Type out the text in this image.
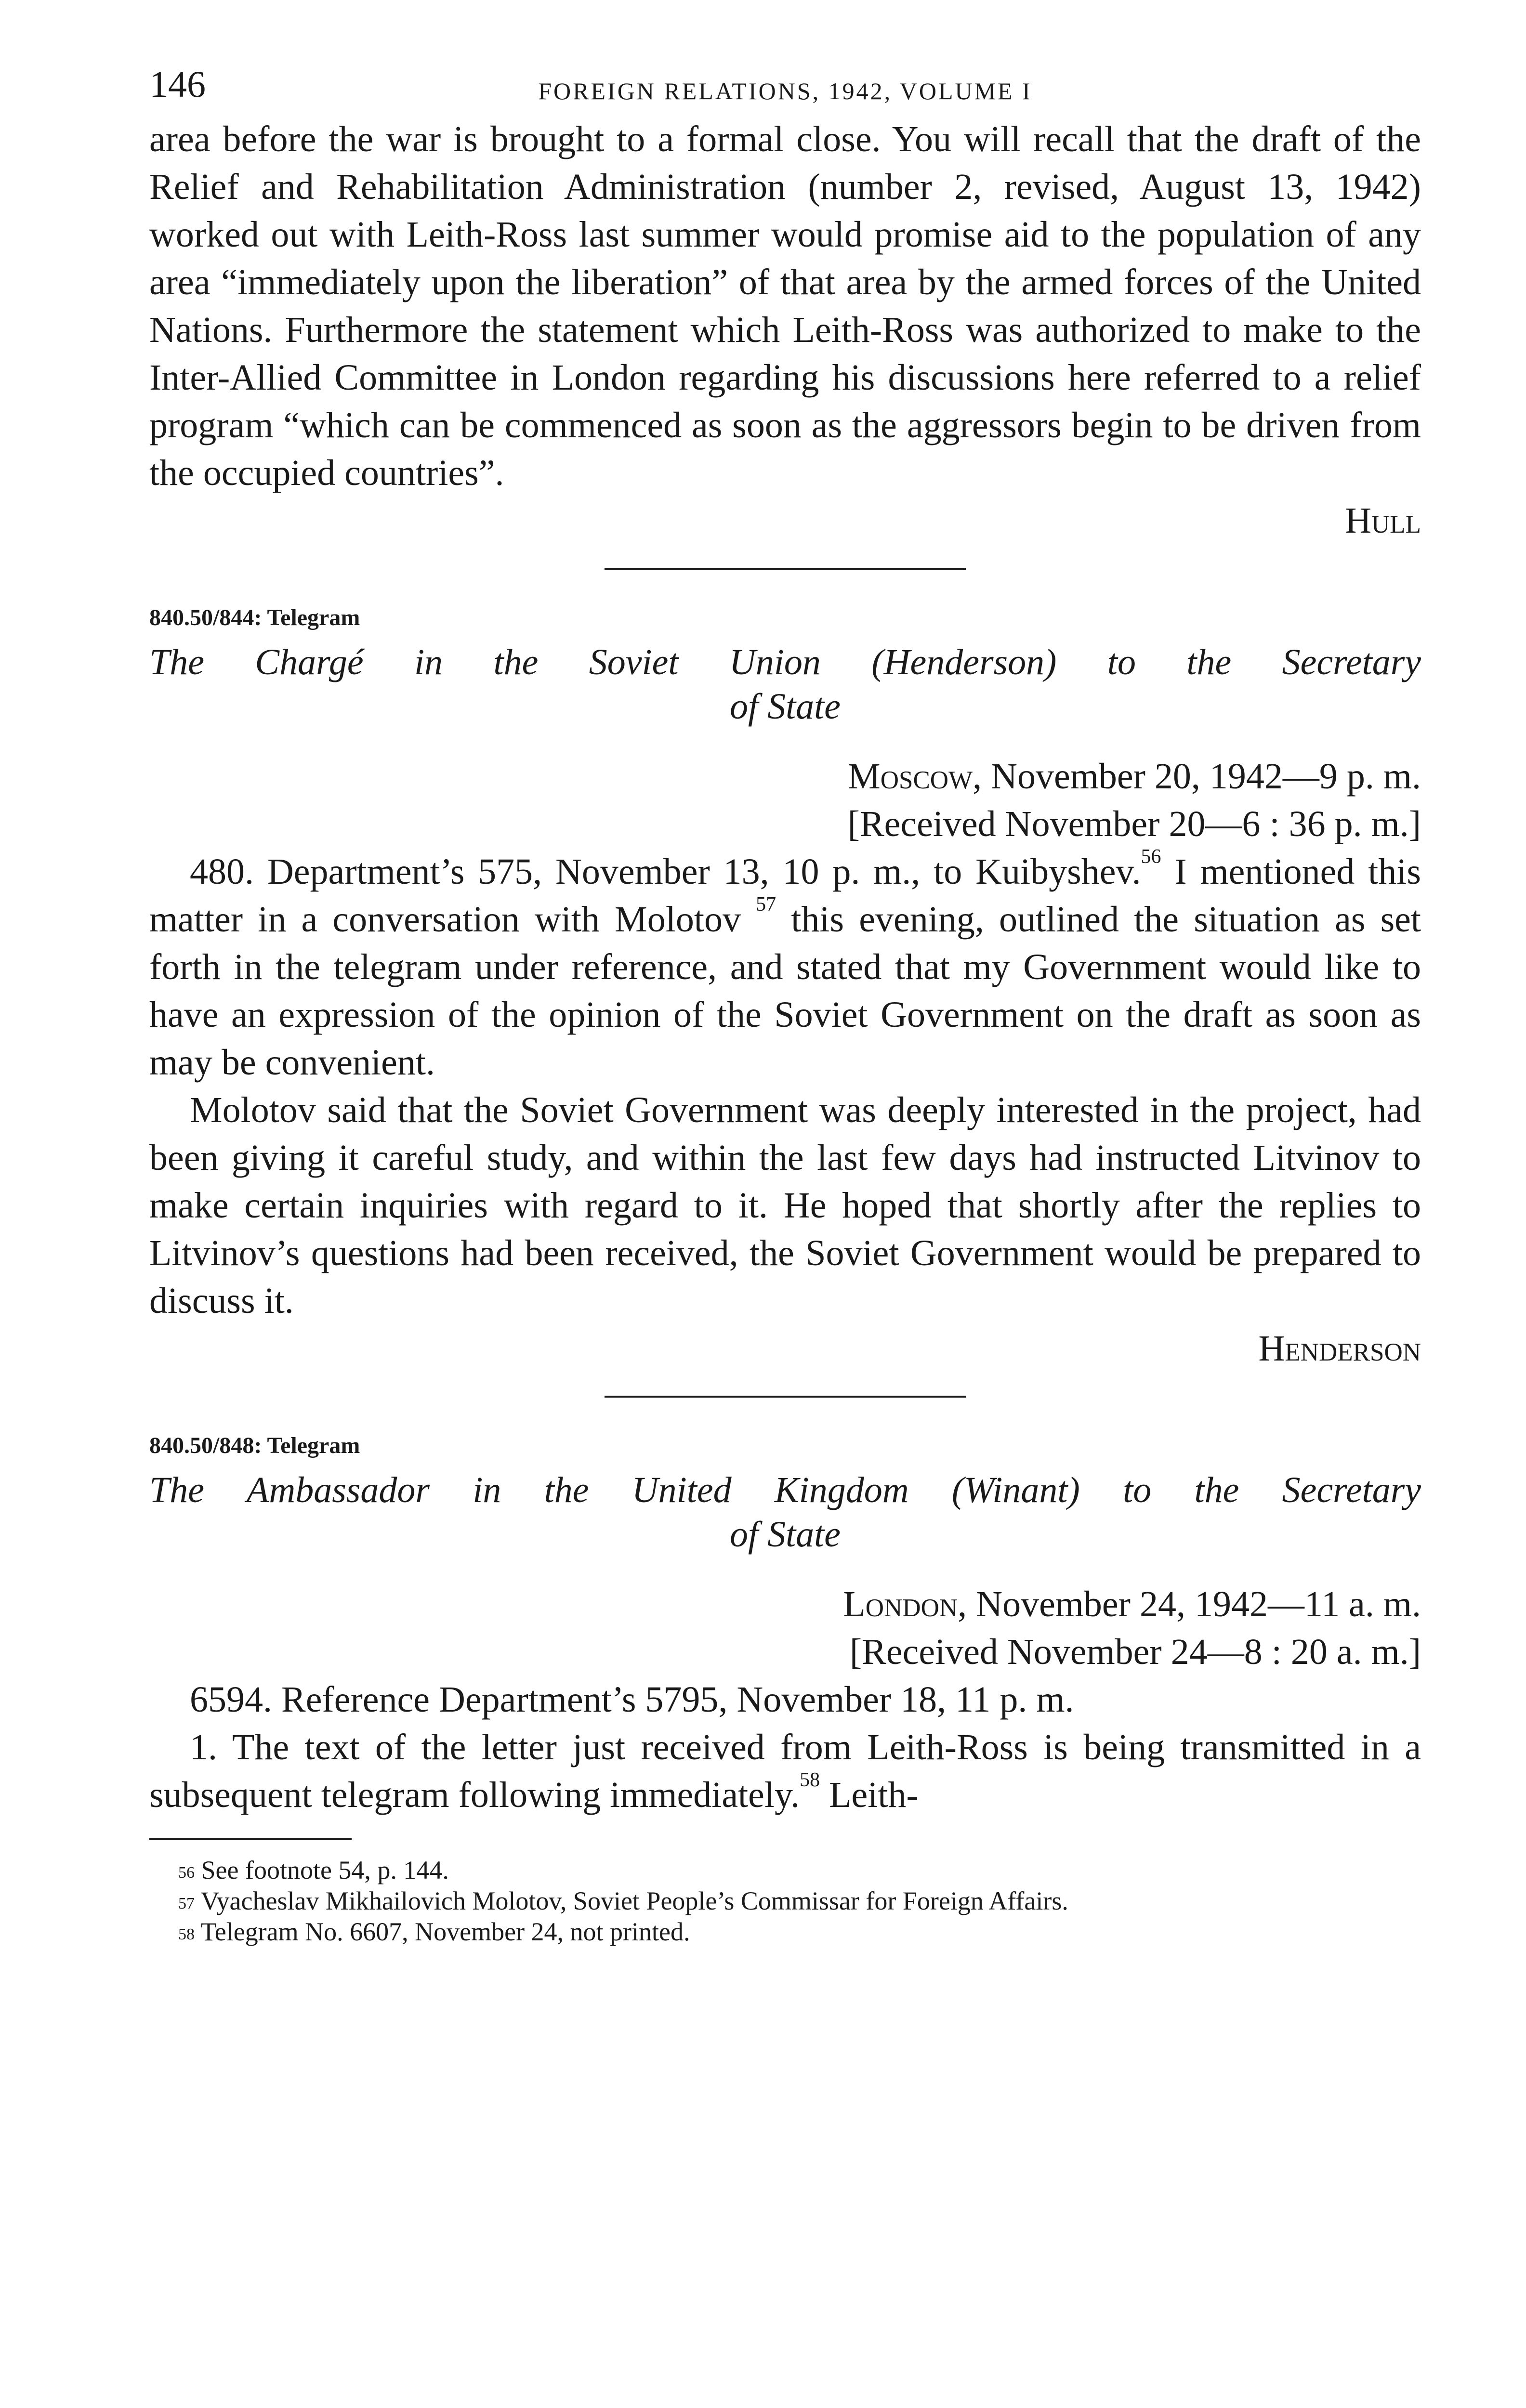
146	FOREIGN RELATIONS, 1942, VOLUME I

area before the war is brought to a formal close. You will recall that the draft of the Relief and Rehabilitation Administration (number 2, revised, August 13, 1942) worked out with Leith-Ross last summer would promise aid to the population of any area “immediately upon the liberation” of that area by the armed forces of the United Nations. Furthermore the statement which Leith-Ross was authorized to make to the Inter-Allied Committee in London regarding his discussions here referred to a relief program “which can be commenced as soon as the aggressors begin to be driven from the occupied countries”.

Hull

840.50/844: Telegram

The Chargé in the Soviet Union (Henderson) to the Secretary
of State

Moscow, November 20, 1942—9 p. m.

[Received November 20—6 : 36 p. m.]

480. Department’s 575, November 13, 10 p. m., to Kuibyshev.$^{56}$ I mentioned this matter in a conversation with Molotov $^{57}$ this evening, outlined the situation as set forth in the telegram under reference, and stated that my Government would like to have an expression of the opinion of the Soviet Government on the draft as soon as may be convenient.

Molotov said that the Soviet Government was deeply interested in the project, had been giving it careful study, and within the last few days had instructed Litvinov to make certain inquiries with regard to it. He hoped that shortly after the replies to Litvinov’s questions had been received, the Soviet Government would be prepared to discuss it.

Henderson

840.50/848: Telegram

The Ambassador in the United Kingdom (Winant) to the Secretary
of State

London, November 24, 1942—11 a. m.

[Received November 24—8 : 20 a. m.]

6594. Reference Department’s 5795, November 18, 11 p. m.

1. The text of the letter just received from Leith-Ross is being transmitted in a subsequent telegram following immediately.$^{58}$ Leith-

$^{56}$ See footnote 54, p. 144.

$^{57}$ Vyacheslav Mikhailovich Molotov, Soviet People’s Commissar for Foreign Affairs.

$^{58}$ Telegram No. 6607, November 24, not printed.
